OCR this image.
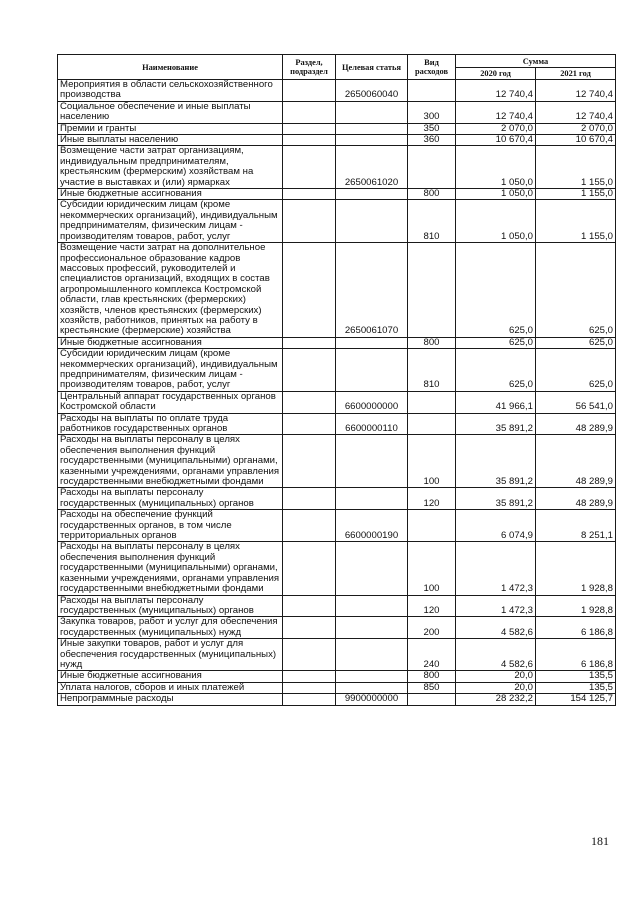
Наименование	Раздел, подраздел	Целевая статья	Вид расходов	Сумма	
				2020 год	2021 год
Мероприятия в области сельскохозяйственного производства		2650060040		12 740,4	12 740,4
Социальное обеспечение и иные выплаты населению			300	12 740,4	12 740,4
Премии и гранты			350	2 070,0	2 070,0
Иные выплаты населению			360	10 670,4	10 670,4
Возмещение части затрат организациям, индивидуальным предпринимателям, крестьянским (фермерским) хозяйствам на участие в выставках и (или) ярмарках		2650061020		1 050,0	1 155,0
Иные бюджетные ассигнования			800	1 050,0	1 155,0
Субсидии юридическим лицам (кроме некоммерческих организаций), индивидуальным предпринимателям, физическим лицам - производителям товаров, работ, услуг			810	1 050,0	1 155,0
Возмещение части затрат на дополнительное профессиональное образование кадров массовых профессий, руководителей и специалистов организаций, входящих в состав агропромышленного комплекса Костромской области, глав крестьянских (фермерских) хозяйств, членов крестьянских (фермерских) хозяйств, работников, принятых на работу в крестьянские (фермерские) хозяйства		2650061070		625,0	625,0
Иные бюджетные ассигнования			800	625,0	625,0
Субсидии юридическим лицам (кроме некоммерческих организаций), индивидуальным предпринимателям, физическим лицам - производителям товаров, работ, услуг			810	625,0	625,0
Центральный аппарат государственных органов Костромской области		6600000000		41 966,1	56 541,0
Расходы на выплаты по оплате труда работников государственных органов		6600000110		35 891,2	48 289,9
Расходы на выплаты персоналу в целях обеспечения выполнения функций государственными (муниципальными) органами, казенными учреждениями, органами управления государственными внебюджетными фондами			100	35 891,2	48 289,9
Расходы на выплаты персоналу государственных (муниципальных) органов			120	35 891,2	48 289,9
Расходы на обеспечение функций государственных органов, в том числе территориальных органов		6600000190		6 074,9	8 251,1
Расходы на выплаты персоналу в целях обеспечения выполнения функций государственными (муниципальными) органами, казенными учреждениями, органами управления государственными внебюджетными фондами			100	1 472,3	1 928,8
Расходы на выплаты персоналу государственных (муниципальных) органов			120	1 472,3	1 928,8
Закупка товаров, работ и услуг для обеспечения государственных (муниципальных) нужд			200	4 582,6	6 186,8
Иные закупки товаров, работ и услуг для обеспечения государственных (муниципальных) нужд			240	4 582,6	6 186,8
Иные бюджетные ассигнования			800	20,0	135,5
Уплата налогов, сборов и иных платежей			850	20,0	135,5
Непрограммные расходы		9900000000		28 232,2	154 125,7
181
